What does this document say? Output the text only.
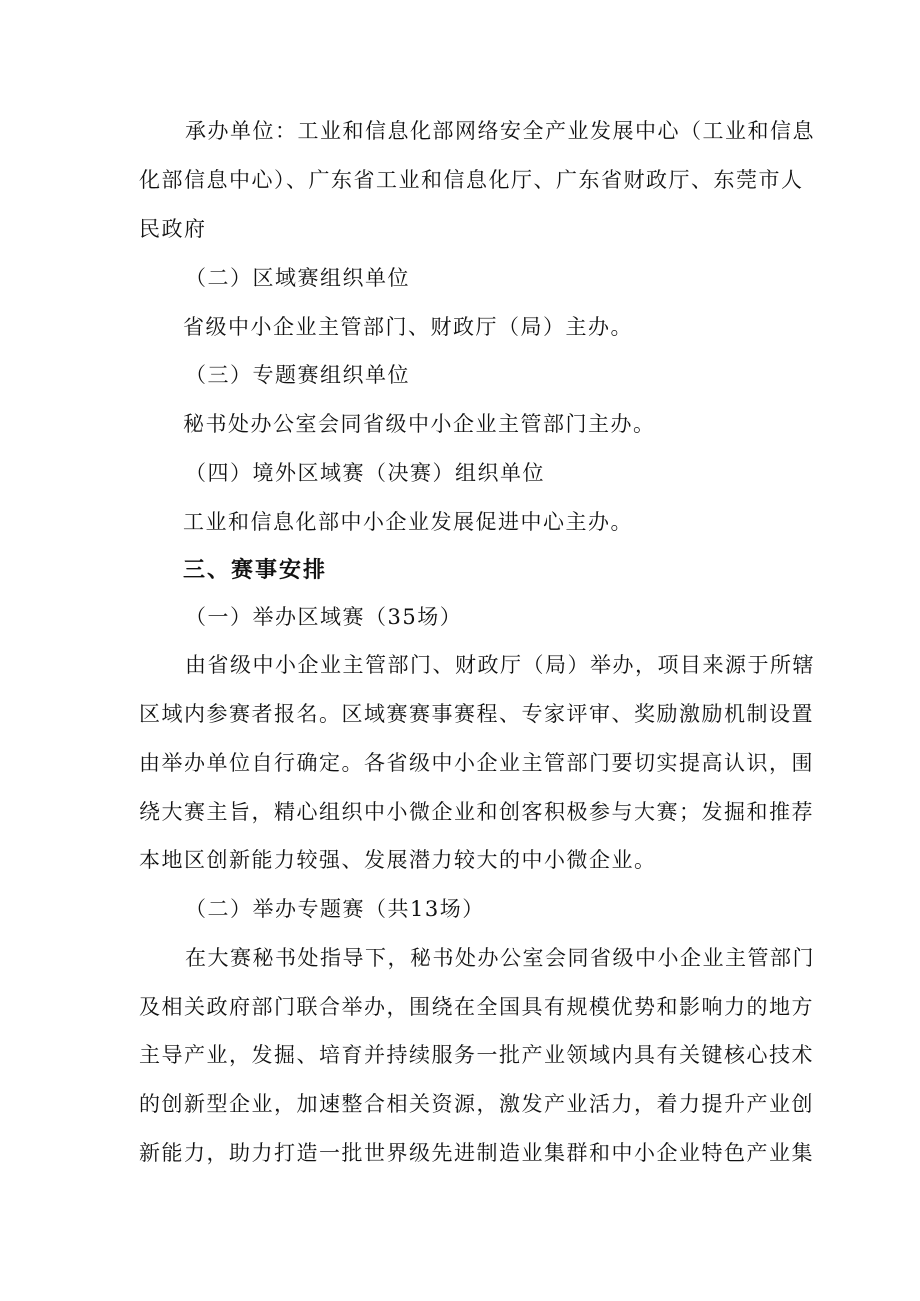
承办单位：工业和信息化部网络安全产业发展中心（工业和信息
化部信息中心）、广东省工业和信息化厅、广东省财政厅、东莞市人
民政府
（二）区域赛组织单位
省级中小企业主管部门、财政厅（局）主办。
（三）专题赛组织单位
秘书处办公室会同省级中小企业主管部门主办。
（四）境外区域赛（决赛）组织单位
工业和信息化部中小企业发展促进中心主办。
三、赛事安排
（一）举办区域赛（35场）
由省级中小企业主管部门、财政厅（局）举办，项目来源于所辖
区域内参赛者报名。区域赛赛事赛程、专家评审、奖励激励机制设置
由举办单位自行确定。各省级中小企业主管部门要切实提高认识，围
绕大赛主旨，精心组织中小微企业和创客积极参与大赛；发掘和推荐
本地区创新能力较强、发展潜力较大的中小微企业。
（二）举办专题赛（共13场）
在大赛秘书处指导下，秘书处办公室会同省级中小企业主管部门
及相关政府部门联合举办，围绕在全国具有规模优势和影响力的地方
主导产业，发掘、培育并持续服务一批产业领域内具有关键核心技术
的创新型企业，加速整合相关资源，激发产业活力，着力提升产业创
新能力，助力打造一批世界级先进制造业集群和中小企业特色产业集
